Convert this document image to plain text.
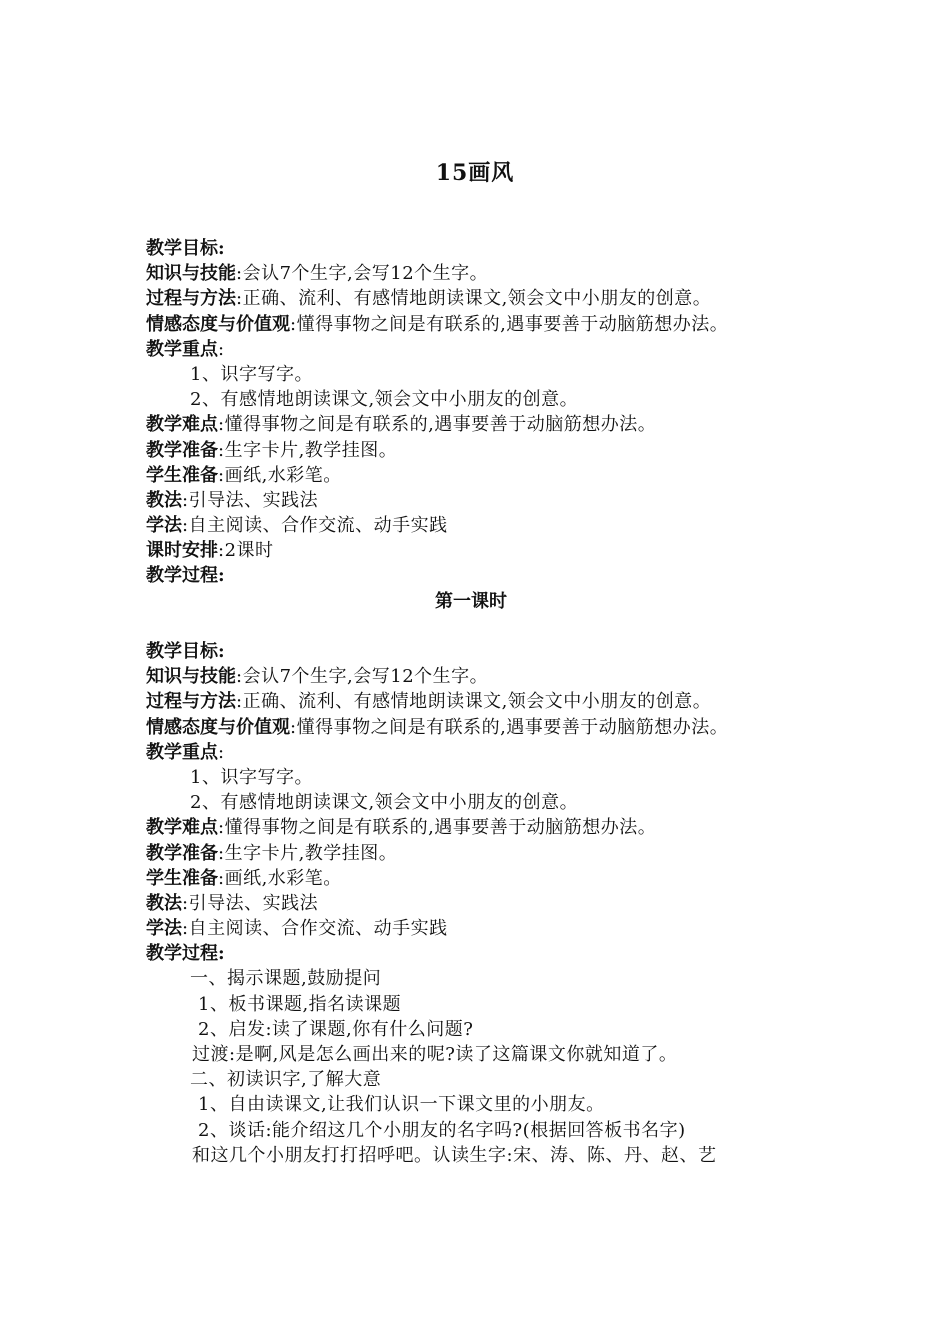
15画风
教学目标:
知识与技能:会认7个生字,会写12个生字。
过程与方法:正确、流利、有感情地朗读课文,领会文中小朋友的创意。
情感态度与价值观:懂得事物之间是有联系的,遇事要善于动脑筋想办法。
教学重点:
1、识字写字。
2、有感情地朗读课文,领会文中小朋友的创意。
教学难点:懂得事物之间是有联系的,遇事要善于动脑筋想办法。
教学准备:生字卡片,教学挂图。
学生准备:画纸,水彩笔。
教法:引导法、实践法
学法:自主阅读、合作交流、动手实践
课时安排:2课时
教学过程:
第一课时
教学目标:
知识与技能:会认7个生字,会写12个生字。
过程与方法:正确、流利、有感情地朗读课文,领会文中小朋友的创意。
情感态度与价值观:懂得事物之间是有联系的,遇事要善于动脑筋想办法。
教学重点:
1、识字写字。
2、有感情地朗读课文,领会文中小朋友的创意。
教学难点:懂得事物之间是有联系的,遇事要善于动脑筋想办法。
教学准备:生字卡片,教学挂图。
学生准备:画纸,水彩笔。
教法:引导法、实践法
学法:自主阅读、合作交流、动手实践
教学过程:
一、揭示课题,鼓励提问
1、板书课题,指名读课题
2、启发:读了课题,你有什么问题?
过渡:是啊,风是怎么画出来的呢?读了这篇课文你就知道了。
二、初读识字,了解大意
1、自由读课文,让我们认识一下课文里的小朋友。
2、谈话:能介绍这几个小朋友的名字吗?(根据回答板书名字)
和这几个小朋友打打招呼吧。认读生字:宋、涛、陈、丹、赵、艺
